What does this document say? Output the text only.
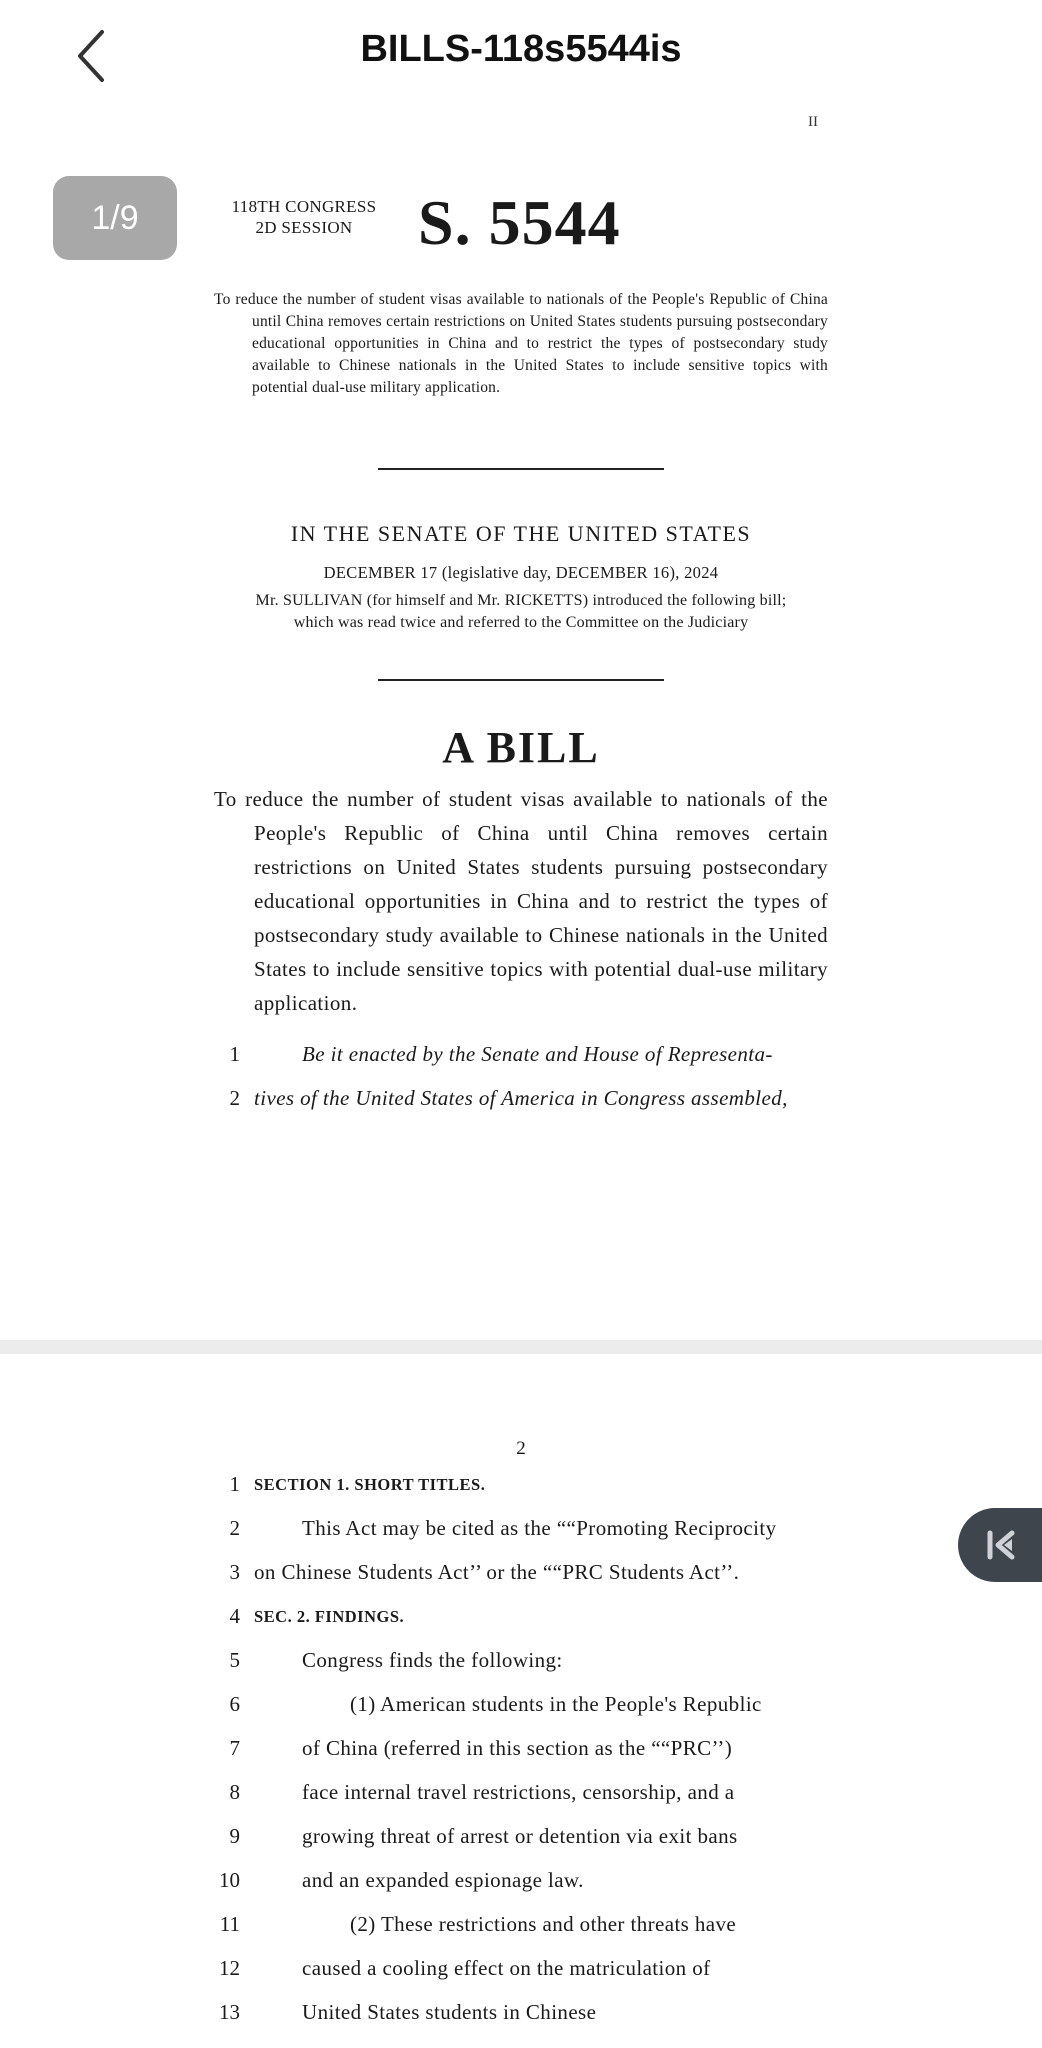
BILLS-118s5544is
1/9
II
118TH CONGRESS
2D SESSION	S. 5544
To reduce the number of student visas available to nationals of the People's Republic of China until China removes certain restrictions on United States students pursuing postsecondary educational opportunities in China and to restrict the types of postsecondary study available to Chinese nationals in the United States to include sensitive topics with potential dual-use military application.
IN THE SENATE OF THE UNITED STATES
DECEMBER 17 (legislative day, DECEMBER 16), 2024
Mr. SULLIVAN (for himself and Mr. RICKETTS) introduced the following bill;
which was read twice and referred to the Committee on the Judiciary
A BILL
To reduce the number of student visas available to nationals of the People's Republic of China until China removes certain restrictions on United States students pursuing postsecondary educational opportunities in China and to restrict the types of postsecondary study available to Chinese nationals in the United States to include sensitive topics with potential dual-use military application.
1	Be it enacted by the Senate and House of Representa-
2 tives of the United States of America in Congress assembled,
2
1 SECTION 1. SHORT TITLES.
2	This Act may be cited as the ““Promoting Reciprocity
3 on Chinese Students Act’’ or the ““PRC Students Act’’.
4 SEC. 2. FINDINGS.
5	Congress finds the following:
6	(1) American students in the People's Republic
7	of China (referred in this section as the ““PRC’’)
8	face internal travel restrictions, censorship, and a
9	growing threat of arrest or detention via exit bans
10	and an expanded espionage law.
11	(2) These restrictions and other threats have
12	caused a cooling effect on the matriculation of
13	United States students in Chinese
